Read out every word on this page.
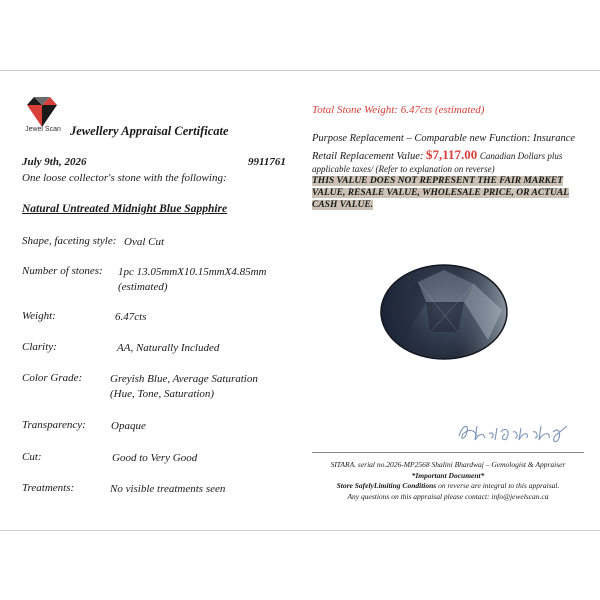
Jewel Scan Jewellery Appraisal Certificate
July 9th, 2026	9911761
One loose collector's stone with the following:
Natural Untreated Midnight Blue Sapphire
Shape, faceting style: Oval Cut
Number of stones: 1pc 13.05mmX10.15mmX4.85mm
(estimated)
Weight:	6.47cts
Clarity:	AA, Naturally Included
Color Grade:	Greyish Blue, Average Saturation
(Hue, Tone, Saturation)
Transparency: Opaque
Cut:	Good to Very Good
Treatments:	No visible treatments seen
Total Stone Weight: 6.47cts (estimated)
Purpose Replacement – Comparable new Function: Insurance
Retail Replacement Value: $7,117.00 Canadian Dollars plus
applicable taxes/ (Refer to explanation on reverse)
THIS VALUE DOES NOT REPRESENT THE FAIR MARKET VALUE, RESALE VALUE, WHOLESALE PRICE, OR ACTUAL CASH VALUE.
SITARA. serial no.2026-MP2568 Shalini Bhardwaj – Gemologist & Appraiser
*Important Document*
Store SafelyLimiting Conditions on reverse are integral to this appraisal.
Any questions on this appraisal please contact: info@jewelscan.ca
